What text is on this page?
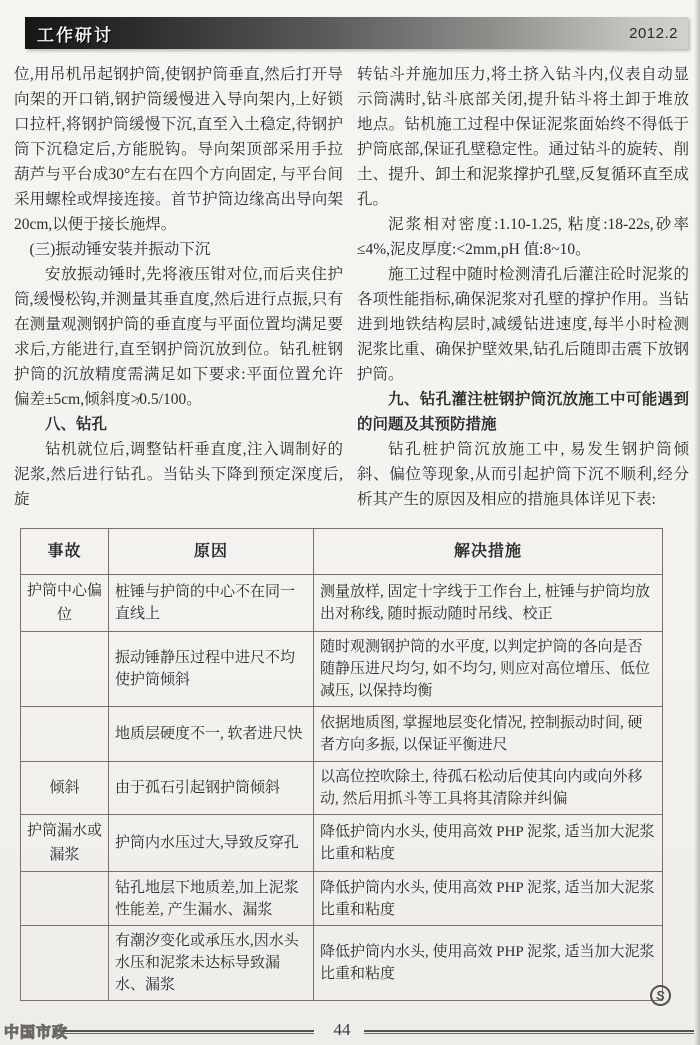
工作研讨	2012.2

位,用吊机吊起钢护筒,使钢护筒垂直,然后打开导向架的开口销,钢护筒缓慢进入导向架内,上好锁口拉杆,将钢护筒缓慢下沉,直至入土稳定,待钢护筒下沉稳定后,方能脱钩。导向架顶部采用手拉葫芦与平台成30°左右在四个方向固定, 与平台间采用螺栓或焊接连接。首节护筒边缘高出导向架20cm,以便于接长施焊。

(三)振动锤安装并振动下沉

安放振动锤时,先将液压钳对位,而后夹住护筒,缓慢松钩,并测量其垂直度,然后进行点振,只有在测量观测钢护筒的垂直度与平面位置均满足要求后,方能进行,直至钢护筒沉放到位。钻孔桩钢护筒的沉放精度需满足如下要求:平面位置允许偏差±5cm,倾斜度≯0.5/100。

八、钻孔

钻机就位后,调整钻杆垂直度,注入调制好的泥浆,然后进行钻孔。当钻头下降到预定深度后,旋

转钻斗并施加压力,将土挤入钻斗内,仪表自动显示筒满时,钻斗底部关闭,提升钻斗将土卸于堆放地点。钻机施工过程中保证泥浆面始终不得低于护筒底部,保证孔壁稳定性。通过钻斗的旋转、削土、提升、卸土和泥浆撑护孔壁,反复循环直至成孔。

泥浆相对密度:1.10-1.25, 粘度:18-22s,砂率≤4%,泥皮厚度:<2mm,pH 值:8~10。

施工过程中随时检测清孔后灌注砼时泥浆的各项性能指标,确保泥浆对孔壁的撑护作用。当钻进到地铁结构层时,减缓钻进速度,每半小时检测泥浆比重、确保护壁效果,钻孔后随即击震下放钢护筒。

九、钻孔灌注桩钢护筒沉放施工中可能遇到的问题及其预防措施

钻孔桩护筒沉放施工中, 易发生钢护筒倾斜、偏位等现象,从而引起护筒下沉不顺利,经分析其产生的原因及相应的措施具体详见下表:

事故	原因	解决措施
护筒中心偏位	桩锤与护筒的中心不在同一直线上	测量放样, 固定十字线于工作台上, 桩锤与护筒均放出对称线, 随时振动随时吊线、校正
	振动锤静压过程中进尺不均使护筒倾斜	随时观测钢护筒的水平度, 以判定护筒的各向是否随静压进尺均匀, 如不均匀, 则应对高位增压、低位减压, 以保持均衡
	地质层硬度不一, 软者进尺快	依据地质图, 掌握地层变化情况, 控制振动时间, 硬者方向多振, 以保证平衡进尺
倾斜	由于孤石引起钢护筒倾斜	以高位控吹除土, 待孤石松动后使其向内或向外移动, 然后用抓斗等工具将其清除并纠偏
护筒漏水或漏浆	护筒内水压过大,导致反穿孔	降低护筒内水头, 使用高效 PHP 泥浆, 适当加大泥浆比重和粘度
	钻孔地层下地质差,加上泥浆性能差, 产生漏水、漏浆	降低护筒内水头, 使用高效 PHP 泥浆, 适当加大泥浆比重和粘度
	有潮汐变化或承压水,因水头水压和泥浆未达标导致漏水、漏浆	降低护筒内水头, 使用高效 PHP 泥浆, 适当加大泥浆比重和粘度
S
中国市政	44
